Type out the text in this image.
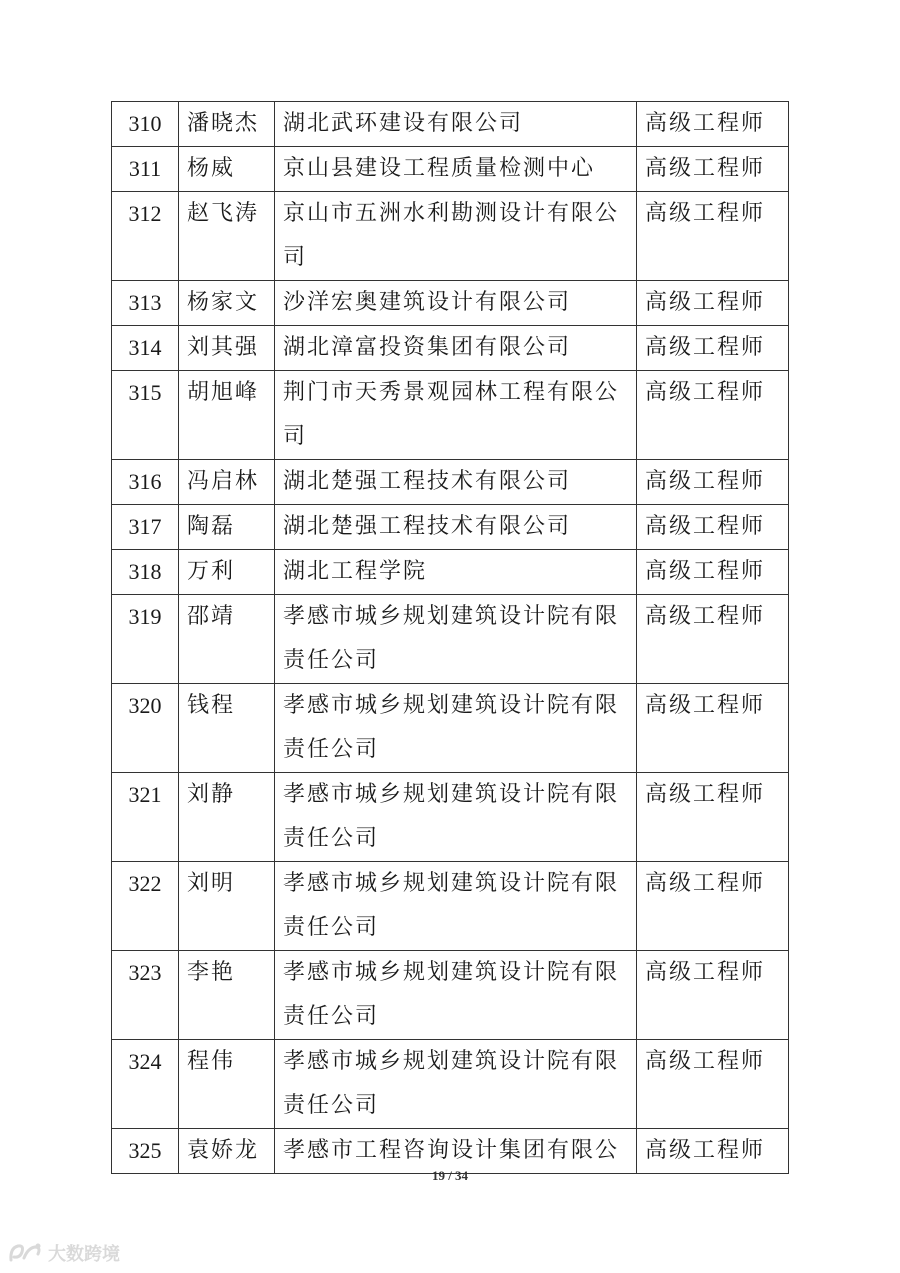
310	潘晓杰	湖北武环建设有限公司	高级工程师
311	杨威	京山县建设工程质量检测中心	高级工程师
312	赵飞涛	京山市五洲水利勘测设计有限公司	高级工程师
313	杨家文	沙洋宏奥建筑设计有限公司	高级工程师
314	刘其强	湖北漳富投资集团有限公司	高级工程师
315	胡旭峰	荆门市天秀景观园林工程有限公司	高级工程师
316	冯启林	湖北楚强工程技术有限公司	高级工程师
317	陶磊	湖北楚强工程技术有限公司	高级工程师
318	万利	湖北工程学院	高级工程师
319	邵靖	孝感市城乡规划建筑设计院有限责任公司	高级工程师
320	钱程	孝感市城乡规划建筑设计院有限责任公司	高级工程师
321	刘静	孝感市城乡规划建筑设计院有限责任公司	高级工程师
322	刘明	孝感市城乡规划建筑设计院有限责任公司	高级工程师
323	李艳	孝感市城乡规划建筑设计院有限责任公司	高级工程师
324	程伟	孝感市城乡规划建筑设计院有限责任公司	高级工程师
325	袁娇龙	孝感市工程咨询设计集团有限公	高级工程师
19 / 34
大数跨境
